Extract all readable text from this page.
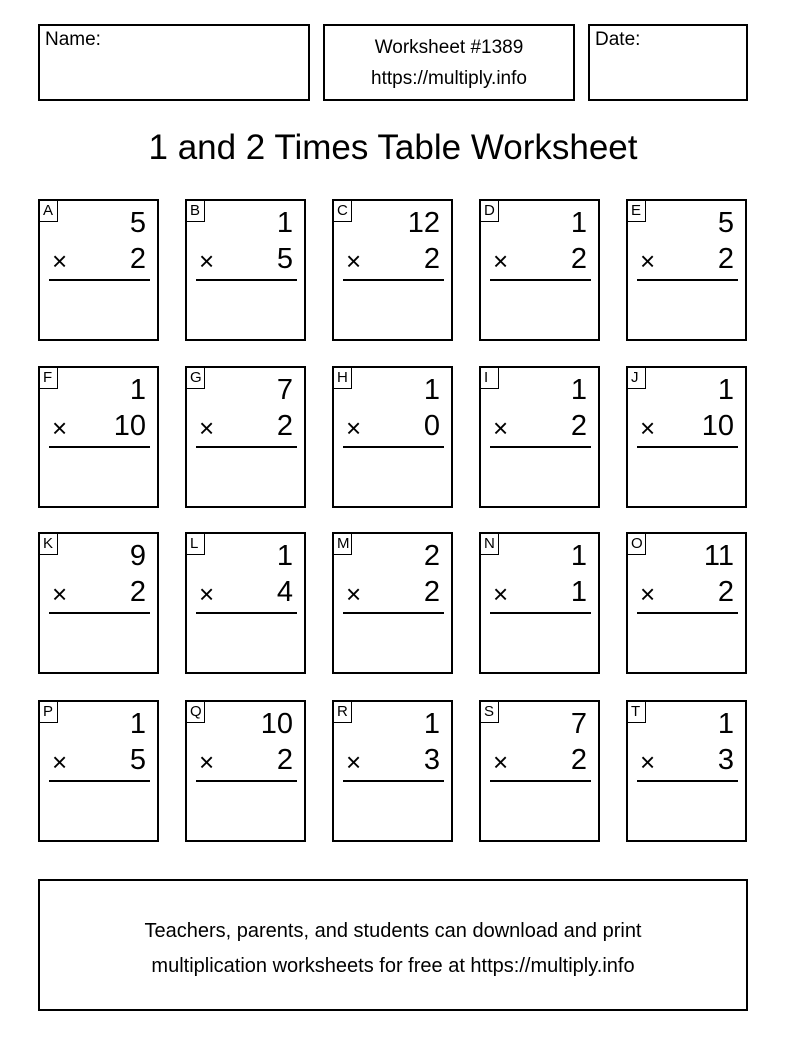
Name:	Worksheet #1389
https://multiply.info
Date:
1 and 2 Times Table Worksheet
A	5
× 2
B	1
× 5
C 12
× 2
D	1
× 2
E	5
× 2
F	1
× 10
G	7
× 2
H	1
× 0
I	1
× 2
J	1
× 10
K	9
× 2
L	1
× 4
M	2
× 2
N	1
× 1
O 11
× 2
P	1
× 5
Q 10
× 2
R	1
× 3
S	7
× 2
T	1
× 3
Teachers, parents, and students can download and print
multiplication worksheets for free at https://multiply.info
